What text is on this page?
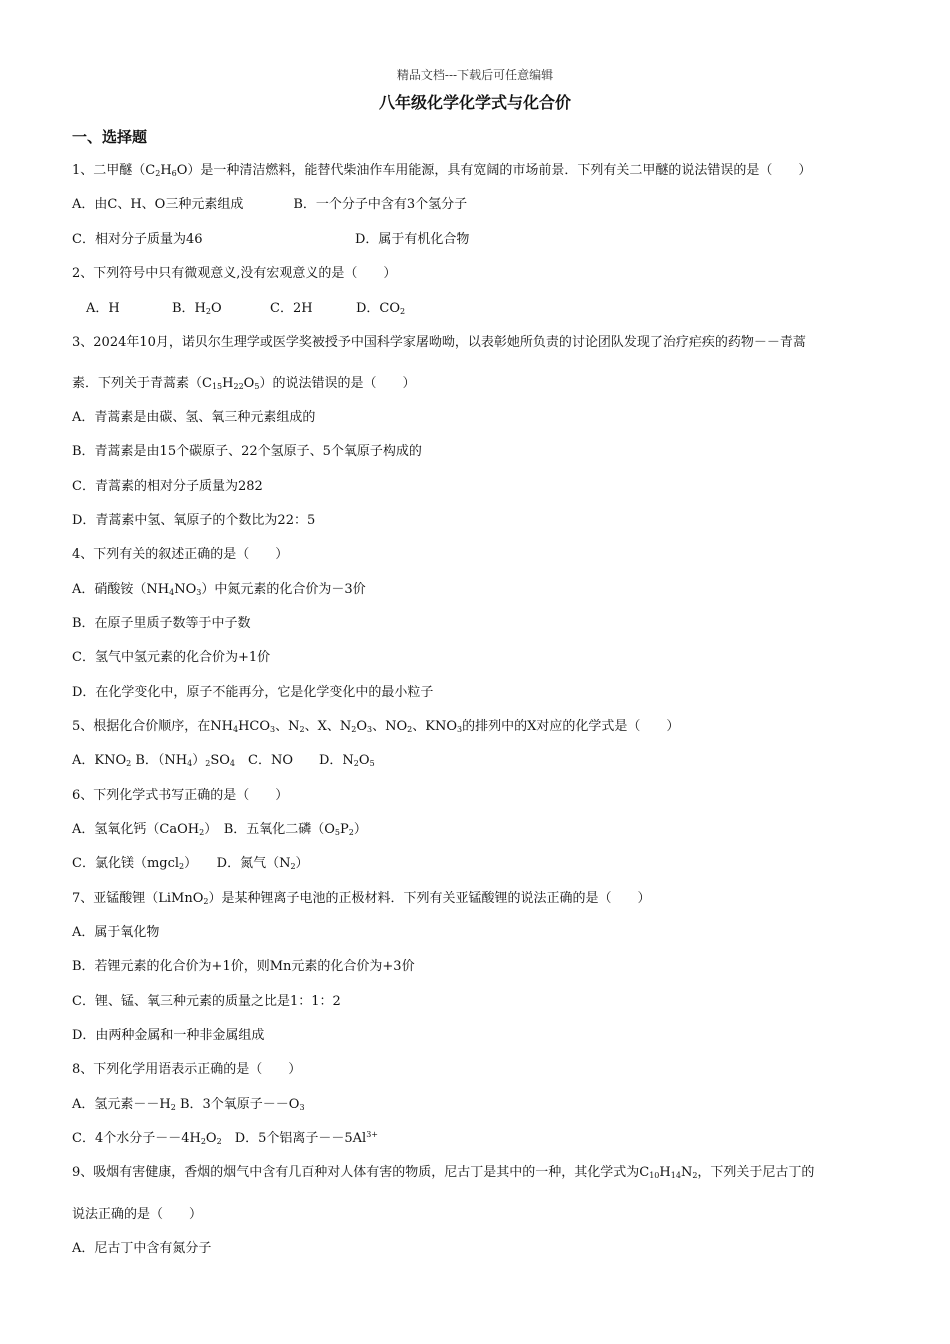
精品文档---下载后可任意编辑
八年级化学化学式与化合价
一、选择题
1、二甲醚$(C_2H_6O)$是一种清洁燃料，能替代柴油作车用能源，具有宽阔的市场前景．下列有关二甲醚的说法错误的是（　　）
A．由C、H、O三种元素组成	B．一个分子中含有3个氢分子
C．相对分子质量为46	D．属于有机化合物
2、下列符号中只有微观意义,没有宏观意义的是（　　）
A．H	B．$H_2O$	C．2H	D．$CO_2$
3、2024年10月，诺贝尔生理学或医学奖被授予中国科学家屠呦呦，以表彰她所负责的讨论团队发现了治疗疟疾的药物－－青蒿
素．下列关于青蒿素$(C_{15}H_{22}O_5)$的说法错误的是（　　）
A．青蒿素是由碳、氢、氧三种元素组成的
B．青蒿素是由15个碳原子、22个氢原子、5个氧原子构成的
C．青蒿素的相对分子质量为282
D．青蒿素中氢、氧原子的个数比为22：5
4、下列有关的叙述正确的是（　　）
A．硝酸铵$(NH_4NO_3)$中氮元素的化合价为－3价
B．在原子里质子数等于中子数
C．氢气中氢元素的化合价为+1价
D．在化学变化中，原子不能再分，它是化学变化中的最小粒子
5、根据化合价顺序，在$NH_4HCO_3$、$N_2$、X、$N_2O_3$、$NO_2$、$KNO_3$的排列中的X对应的化学式是（　　）
A．$KNO_2$ B．$(NH_4)_2SO_4$　C．NO　　D．$N_2O_5$
6、下列化学式书写正确的是（　　）
A．氢氧化钙（CaOH$_2$）　B．五氧化二磷$(O_5P_2)$
C．氯化镁（mgcl$_2$）　　D．氮气$(N_2)$
7、亚锰酸锂（LiMnO$_2$）是某种锂离子电池的正极材料．下列有关亚锰酸锂的说法正确的是（　　）
A．属于氧化物
B．若锂元素的化合价为+1价，则Mn元素的化合价为+3价
C．锂、锰、氧三种元素的质量之比是1：1：2
D．由两种金属和一种非金属组成
8、下列化学用语表示正确的是（　　）
A．氢元素$--H_2$ B．3个氧原子$--O_3$
C．4个水分子$--4H_2O_2$　D．5个铝离子$--5Al^{3+}$
9、吸烟有害健康，香烟的烟气中含有几百种对人体有害的物质，尼古丁是其中的一种，其化学式为$C_{10}H_{14}N_2$，下列关于尼古丁的
说法正确的是（　　）
A．尼古丁中含有氮分子
